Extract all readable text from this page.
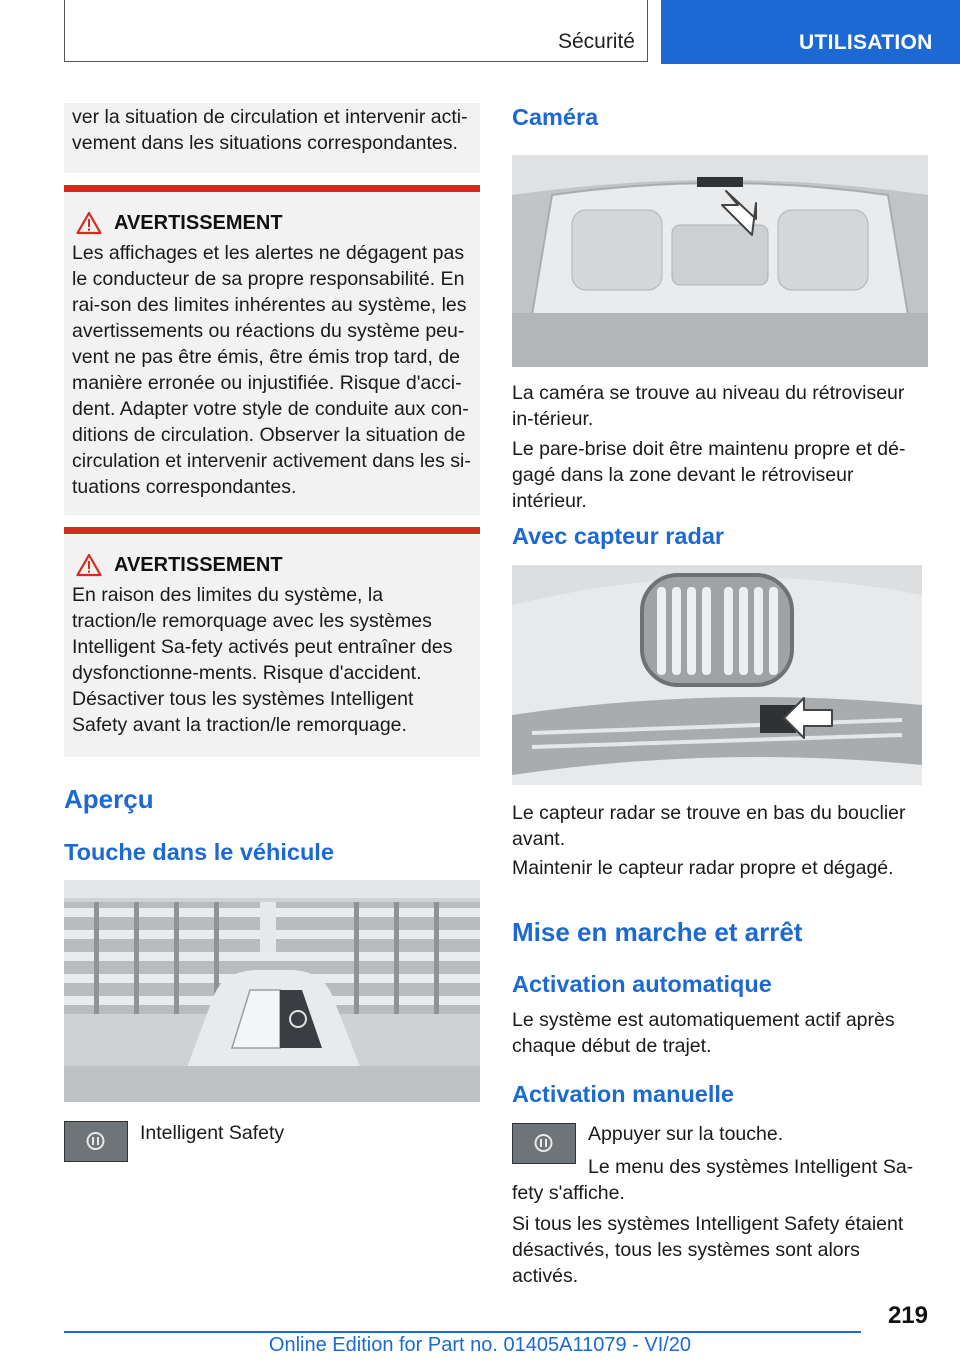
Sécurité	UTILISATION

ver la situation de circulation et intervenir acti-vement dans les situations correspondantes.

AVERTISSEMENT

Les affichages et les alertes ne dégagent pas le conducteur de sa propre responsabilité. En rai-son des limites inhérentes au système, les avertissements ou réactions du système peu-vent ne pas être émis, être émis trop tard, de manière erronée ou injustifiée. Risque d'acci-dent. Adapter votre style de conduite aux con-ditions de circulation. Observer la situation de circulation et intervenir activement dans les si-tuations correspondantes.

AVERTISSEMENT

En raison des limites du système, la traction/le remorquage avec les systèmes Intelligent Sa-fety activés peut entraîner des dysfonctionne-ments. Risque d'accident. Désactiver tous les systèmes Intelligent Safety avant la traction/le remorquage.

Aperçu
Touche dans le véhicule
Intelligent Safety
Caméra

La caméra se trouve au niveau du rétroviseur in-térieur.

Le pare-brise doit être maintenu propre et dé-gagé dans la zone devant le rétroviseur intérieur.

Avec capteur radar

Le capteur radar se trouve en bas du bouclier avant.

Maintenir le capteur radar propre et dégagé.

Mise en marche et arrêt
Activation automatique

Le système est automatiquement actif après chaque début de trajet.

Activation manuelle

Appuyer sur la touche.

Le menu des systèmes Intelligent Sa-

fety s'affiche.

Si tous les systèmes Intelligent Safety étaient désactivés, tous les systèmes sont alors activés.

219
Online Edition for Part no. 01405A11079 - VI/20
